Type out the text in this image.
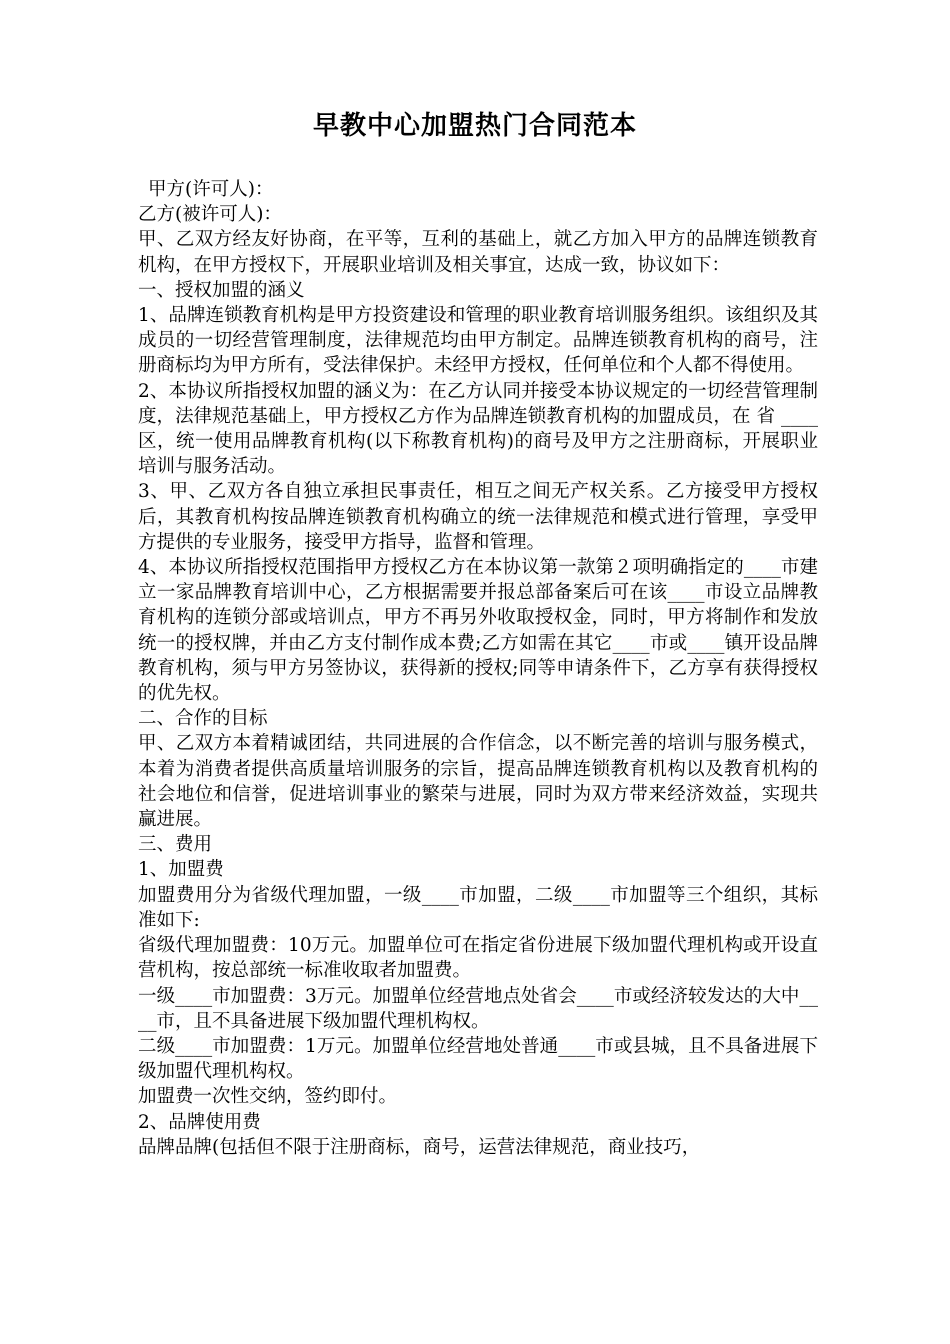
早教中心加盟热门合同范本

甲方(许可人)：

乙方(被许可人)：

甲、乙双方经友好协商，在平等，互利的基础上，就乙方加入甲方的品牌连锁教育机构，在甲方授权下，开展职业培训及相关事宜，达成一致，协议如下：

一、授权加盟的涵义

1、品牌连锁教育机构是甲方投资建设和管理的职业教育培训服务组织。该组织及其成员的一切经营管理制度，法律规范均由甲方制定。品牌连锁教育机构的商号，注册商标均为甲方所有，受法律保护。未经甲方授权，任何单位和个人都不得使用。

2、本协议所指授权加盟的涵义为：在乙方认同并接受本协议规定的一切经营管理制度，法律规范基础上，甲方授权乙方作为品牌连锁教育机构的加盟成员，在 省 ____区，统一使用品牌教育机构(以下称教育机构)的商号及甲方之注册商标，开展职业培训与服务活动。

3、甲、乙双方各自独立承担民事责任，相互之间无产权关系。乙方接受甲方授权后，其教育机构按品牌连锁教育机构确立的统一法律规范和模式进行管理，享受甲方提供的专业服务，接受甲方指导，监督和管理。

4、本协议所指授权范围指甲方授权乙方在本协议第一款第２项明确指定的____市建立一家品牌教育培训中心，乙方根据需要并报总部备案后可在该____市设立品牌教育机构的连锁分部或培训点，甲方不再另外收取授权金，同时，甲方将制作和发放统一的授权牌，并由乙方支付制作成本费;乙方如需在其它____市或____镇开设品牌教育机构，须与甲方另签协议，获得新的授权;同等申请条件下，乙方享有获得授权的优先权。

二、合作的目标

甲、乙双方本着精诚团结，共同进展的合作信念，以不断完善的培训与服务模式，本着为消费者提供高质量培训服务的宗旨，提高品牌连锁教育机构以及教育机构的社会地位和信誉，促进培训事业的繁荣与进展，同时为双方带来经济效益，实现共赢进展。

三、费用

1、加盟费

加盟费用分为省级代理加盟，一级____市加盟，二级____市加盟等三个组织，其标准如下:

省级代理加盟费：10万元。加盟单位可在指定省份进展下级加盟代理机构或开设直营机构，按总部统一标准收取者加盟费。

一级____市加盟费：3万元。加盟单位经营地点处省会____市或经济较发达的大中____市，且不具备进展下级加盟代理机构权。

二级____市加盟费：1万元。加盟单位经营地处普通____市或县城，且不具备进展下级加盟代理机构权。

加盟费一次性交纳，签约即付。

2、品牌使用费

品牌品牌(包括但不限于注册商标，商号，运营法律规范，商业技巧，
